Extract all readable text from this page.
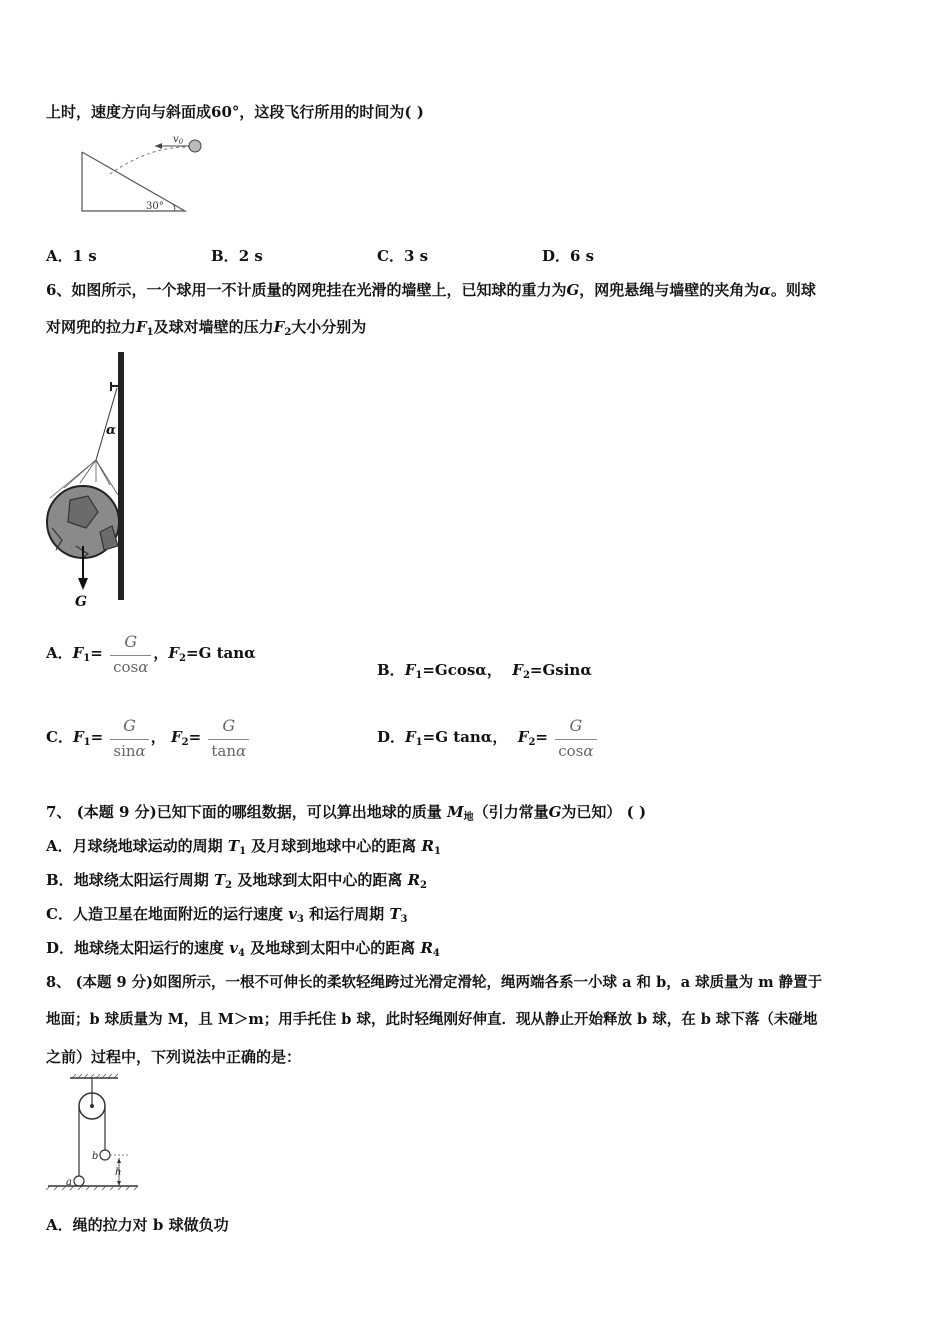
上时，速度方向与斜面成60°，这段飞行所用的时间为( )
$v_0$
30°
A．1 s	B．2 s	C．3 s	D．6 s
6、如图所示，一个球用一不计质量的网兜挂在光滑的墙壁上，已知球的重力为G，网兜悬绳与墙壁的夹角为α。则球
对网兜的拉力$F_1$及球对墙壁的压力$F_2$大小分别为
α
G
A．$F_1= \frac{G}{\cos\alpha}$ ，$F_2=G$ tanα
B．$F_1=Gcos\alpha$， $F_2=Gsin\alpha$
C．$F_1= \frac{G}{\sin\alpha}$ ， $F_2= \frac{G}{\tan\alpha}$	D．$F_1=G$ tanα， $F_2= \frac{G}{\cos\alpha}$
7、 (本题 9 分)已知下面的哪组数据，可以算出地球的质量 $M_地$（引力常量G为已知） ( )
A．月球绕地球运动的周期 $T_1$ 及月球到地球中心的距离 $R_1$
B．地球绕太阳运行周期 $T_2$ 及地球到太阳中心的距离 $R_2$
C．人造卫星在地面附近的运行速度 $v_3$ 和运行周期 $T_3$
D．地球绕太阳运行的速度 $v_4$ 及地球到太阳中心的距离 $R_4$
8、 (本题 9 分)如图所示，一根不可伸长的柔软轻绳跨过光滑定滑轮，绳两端各系一小球 a 和 b，a 球质量为 m 静置于
地面；b 球质量为 M，且 M＞m；用手托住 b 球，此时轻绳刚好伸直．现从静止开始释放 b 球，在 b 球下落（未碰地
之前）过程中，下列说法中正确的是：
a
b
h
A．绳的拉力对 b 球做负功
